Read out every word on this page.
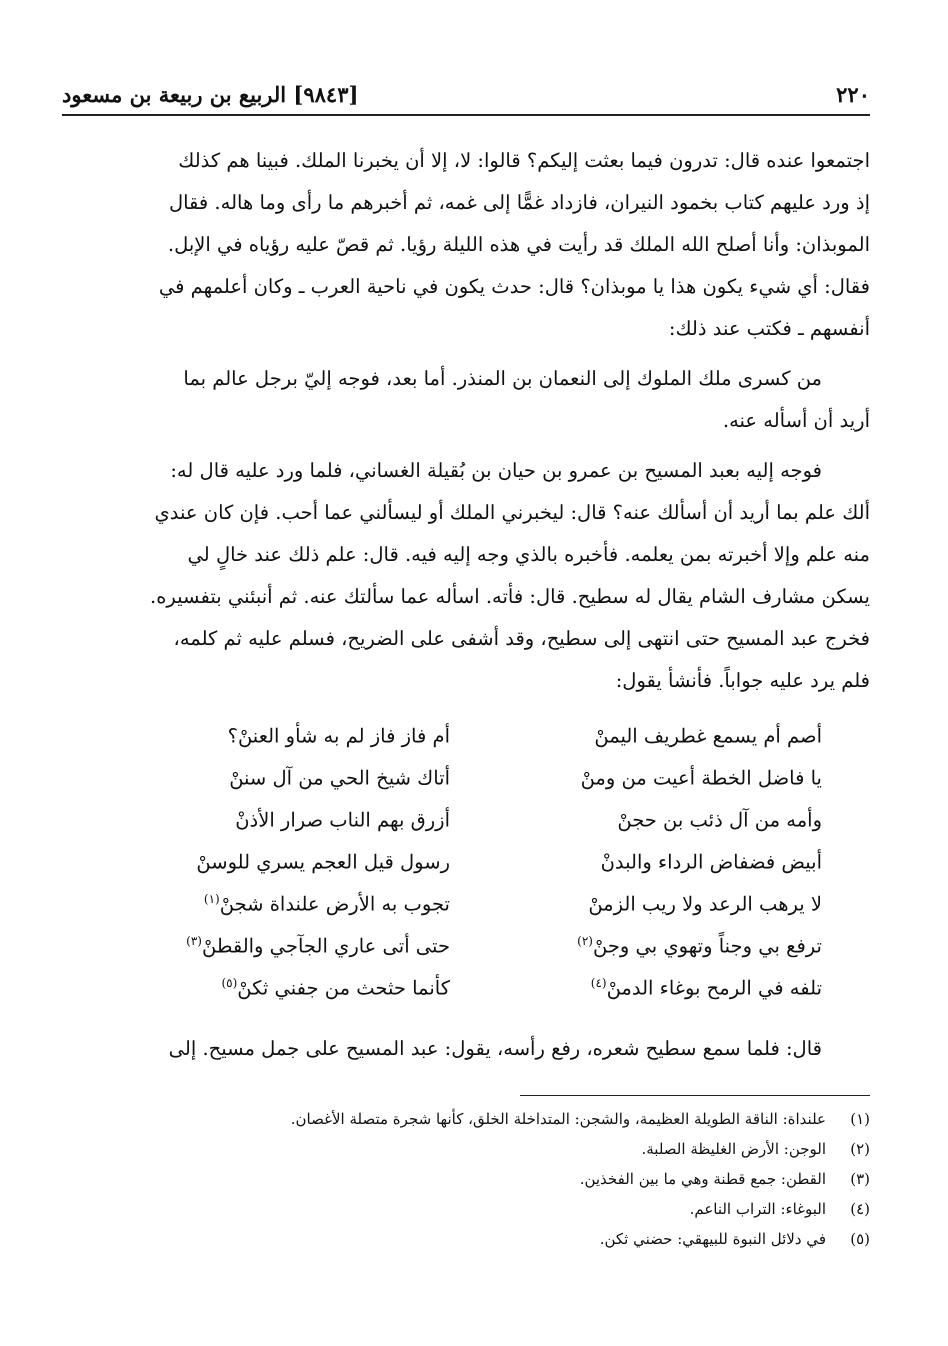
٢٢٠
[٩٨٤٣] الربيع بن ربيعة بن مسعود
اجتمعوا عنده قال: تدرون فيما بعثت إليكم؟ قالوا: لا، إلا أن يخبرنا الملك. فبينا هم كذلك
إذ ورد عليهم كتاب بخمود النيران، فازداد غمًّا إلى غمه، ثم أخبرهم ما رأى وما هاله. فقال
الموبذان: وأنا أصلح الله الملك قد رأيت في هذه الليلة رؤيا. ثم قصّ عليه رؤياه في الإبل.
فقال: أي شيء يكون هذا يا موبذان؟ قال: حدث يكون في ناحية العرب ـ وكان أعلمهم في
أنفسهم ـ فكتب عند ذلك:
من كسرى ملك الملوك إلى النعمان بن المنذر. أما بعد، فوجه إليّ برجل عالم بما
أريد أن أسأله عنه.
فوجه إليه بعبد المسيح بن عمرو بن حيان بن بُقيلة الغساني، فلما ورد عليه قال له:
ألك علم بما أريد أن أسألك عنه؟ قال: ليخبرني الملك أو ليسألني عما أحب. فإن كان عندي
منه علم وإلا أخبرته بمن يعلمه. فأخبره بالذي وجه إليه فيه. قال: علم ذلك عند خالٍ لي
يسكن مشارف الشام يقال له سطيح. قال: فأته. اسأله عما سألتك عنه. ثم أنبئني بتفسيره.
فخرج عبد المسيح حتى انتهى إلى سطيح، وقد أشفى على الضريح، فسلم عليه ثم كلمه،
فلم يرد عليه جواباً. فأنشأ يقول:
أصم أم يسمع غطريف اليمنْ
أم فاز فاز لم به شأو العننْ؟
يا فاضل الخطة أعيت من ومنْ
أتاك شيخ الحي من آل سننْ
وأمه من آل ذئب بن حجنْ
أزرق بهم الناب صرار الأذنْ
أبيض فضفاض الرداء والبدنْ
رسول قيل العجم يسري للوسنْ
لا يرهب الرعد ولا ريب الزمنْ
تجوب به الأرض علنداة شجنْ$^{(١)}$
ترفع بي وجناً وتهوي بي وجنْ$^{(٢)}$
حتى أتى عاري الجآجي والقطنْ$^{(٣)}$
تلفه في الرمح بوغاء الدمنْ$^{(٤)}$
كأنما حثحث من جفني ثكنْ$^{(٥)}$
قال: فلما سمع سطيح شعره، رفع رأسه، يقول: عبد المسيح على جمل مسيح. إلى
(١)علنداة: الناقة الطويلة العظيمة، والشجن: المتداخلة الخلق، كأنها شجرة متصلة الأغصان.
(٢)الوجن: الأرض الغليظة الصلبة.
(٣)القطن: جمع قطنة وهي ما بين الفخذين.
(٤)البوغاء: التراب الناعم.
(٥)في دلائل النبوة للبيهقي: حضني ثكن.
